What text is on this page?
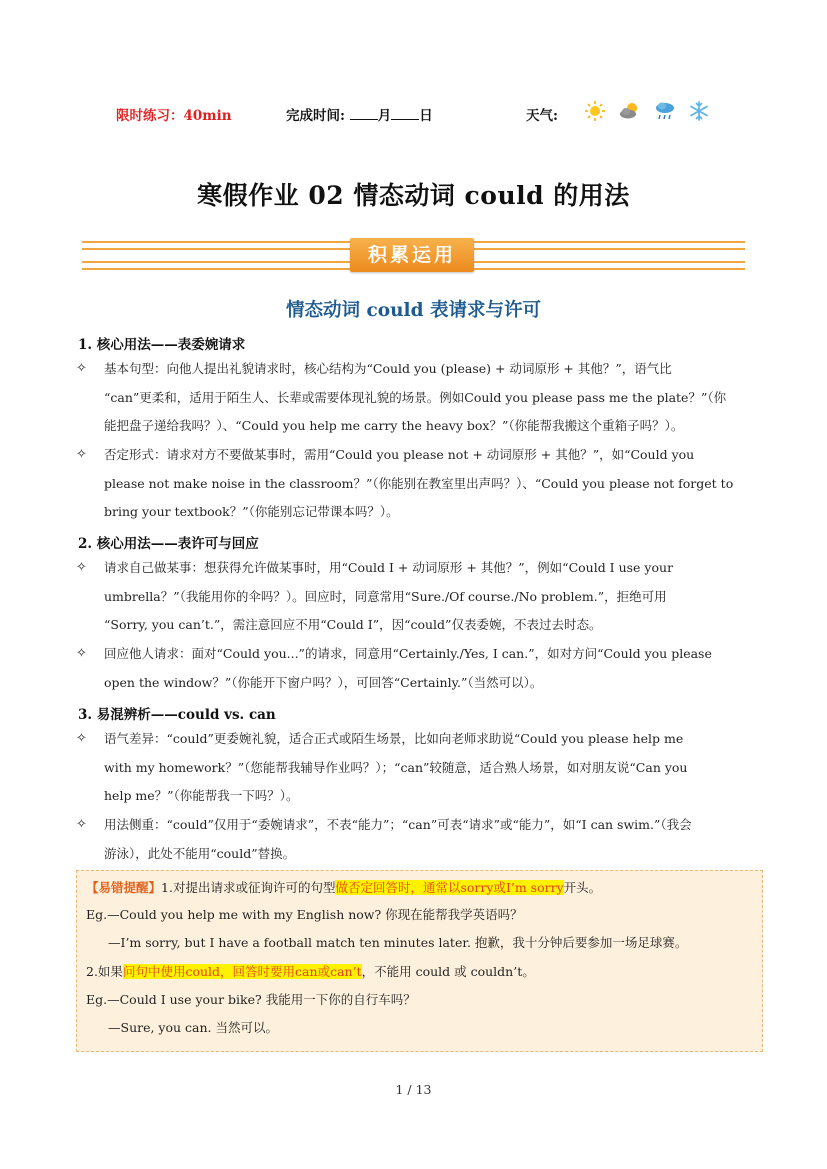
限时练习：40min	完成时间: 月 日	天气:
寒假作业 02 情态动词 could 的用法
积累运用
情态动词 could 表请求与许可
1. 核心用法——表委婉请求
✧ 基本句型：向他人提出礼貌请求时，核心结构为“Could you (please) + 动词原形 + 其他？”，语气比
“can”更柔和，适用于陌生人、长辈或需要体现礼貌的场景。例如Could you please pass me the plate？”（你
能把盘子递给我吗？）、“Could you help me carry the heavy box？”（你能帮我搬这个重箱子吗？）。
✧ 否定形式：请求对方不要做某事时，需用“Could you please not + 动词原形 + 其他？”，如“Could you
please not make noise in the classroom？”（你能别在教室里出声吗？）、“Could you please not forget to
bring your textbook？”（你能别忘记带课本吗？）。
2. 核心用法——表许可与回应
✧ 请求自己做某事：想获得允许做某事时，用“Could I + 动词原形 + 其他？”，例如“Could I use your
umbrella？”（我能用你的伞吗？）。回应时，同意常用“Sure./Of course./No problem.”，拒绝可用
“Sorry, you can’t.”，需注意回应不用“Could I”，因“could”仅表委婉，不表过去时态。
✧ 回应他人请求：面对“Could you...”的请求，同意用“Certainly./Yes, I can.”，如对方问“Could you please
open the window？”（你能开下窗户吗？），可回答“Certainly.”（当然可以）。
3. 易混辨析——could vs. can
✧ 语气差异：“could”更委婉礼貌，适合正式或陌生场景，比如向老师求助说“Could you please help me
with my homework？”（您能帮我辅导作业吗？）；“can”较随意，适合熟人场景，如对朋友说“Can you
help me？”（你能帮我一下吗？）。
✧ 用法侧重：“could”仅用于“委婉请求”，不表“能力”；“can”可表“请求”或“能力”，如“I can swim.”（我会
游泳），此处不能用“could”替换。
【易错提醒】1.对提出请求或征询许可的句型做否定回答时，通常以sorry或I’m sorry开头。
Eg.—Could you help me with my English now? 你现在能帮我学英语吗？
—I’m sorry, but I have a football match ten minutes later. 抱歉，我十分钟后要参加一场足球赛。
2.如果问句中使用could，回答时要用can或can’t，不能用 could 或 couldn’t。
Eg.—Could I use your bike? 我能用一下你的自行车吗？
—Sure, you can. 当然可以。
1 / 13
